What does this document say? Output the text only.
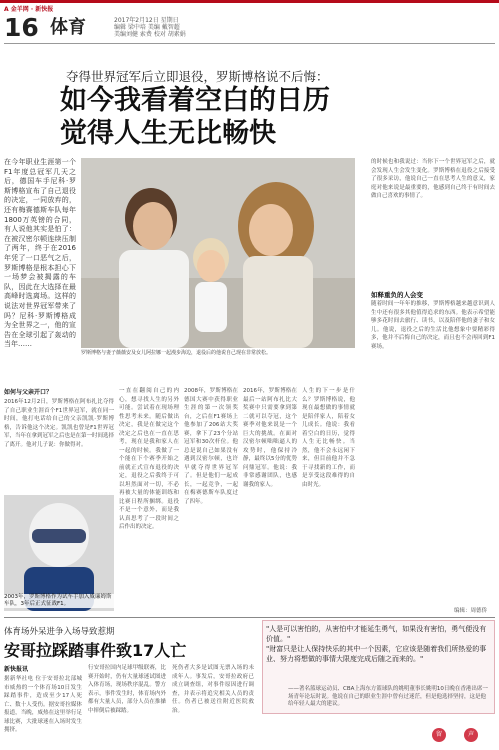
A 金羊网 · 新快报
16 体育	2017年2月12日 星期日
编辑 梁中培 美编 戴智超
美编刘健 索费 校对 胡素娟
夺得世界冠军后立即退役，罗斯博格说不后悔：
如今我看着空白的日历
觉得人生无比畅快
在今年职业生涯第一个F1年度总冠军几天之后，德国车手尼科·罗斯博格宣布了自己退役的决定，一同放弃的，还有梅赛德斯车队每年1800万英镑的合同，有人说他其实是怕了：在被汉密尔顿连续压制了两年，终于在2016年凭了一口恶气之后，罗斯博格是根本担心下一场梦会被揭露的车队，因此在大选择在最高峰时选离场。这样的说法对世界冠军带来了吗？尼科·罗斯博格成为全世界之一，他的宣告在全球引起了轰动的当年……
罗斯博格与妻子薇薇安及女儿阿拉娜一起漫步海边，退役后的他说自己现在非常放松。
如何与父亲开口？
2016年12月2日，罗斯博格在阿布扎比夺得了自己职业生涯首个F1世界冠军，就在同一时间，他打电话给自己的父亲凯凯·罗斯博格，告诉他这个决定。凯凯也曾是F1世界冠军，当年在拿到冠军之后也是在第一时间选择了离开。他对儿子说：你做得对。
一直在翻阅自己的内心，想寻找人生的另外可能。尝试着在现场理性思考未来。随后做出决定，我是在做完这个决定之后也在一直在思考，现在是我和家人在一起的时候。我做了一个能在下个赛季开始之前就正式宣布退役的决定，退役之后我终于可以坦然面对一切，不必再被大量的体能训练和比赛日程所捆绑。退役不是一个意外，而是我认真思考了一段时间之后作出的决定。
2008年，罗斯博格在德国大赛中获得职业生涯的第一次领奖台，之后在F1赛场上他参加了206站大奖赛，拿下了23个分站冠军和30次杆位。他总是说自己如果没有遇到汉密尔顿，也许早就夺得世界冠军了。但是他们一起成长，一起竞争，一起在梅赛德斯车队度过了四年。
2016年，罗斯博格在最后一站阿布扎比大奖赛中只需要拿到第二就可以夺冠，这个赛季对他来说是一个巨大的挑战。在面对汉密尔顿咄咄逼人的攻势时，他保持冷静，最终以5分的优势问鼎冠军。他说：我非常感谢团队，也感谢我的家人。
人生的下一步是什么？罗斯博格说，他现在最想做的事情就是陪伴家人，陪着女儿成长。他说：我看着空白的日历，觉得人生无比畅快。当然，他不会永远闲下来，但目前他并不急于寻找新的工作，而是享受这段难得的自由时光。
的时候也和我说过：当你下一个世界冠军之后，就会发现人生会发生变化。罗斯博格在退役之后接受了很多采访，他说自己一直在思考人生的意义，家庭对他来说是最重要的，他感到自己终于有时间去做自己喜欢的事情了。
如释重负的人会变
随着时间一年年的推移，罗斯博格越来越意识到人生中还有很多其他值得追求的东西。他表示希望能够多花时间去旅行、读书，以及陪伴他的妻子和女儿。他说，退役之后的生活比他想象中要精彩得多，他并不后悔自己的决定，而且也不会再回到F1赛场。
编辑：周德侨
2003年，罗斯博格作为试车手加入威廉姆斯车队，3年后正式征战F1。
体育场外呆进争入场导致惹期
安哥拉踩踏事件致17人亡
新快报讯
据新华社电 位于安哥拉北部城市威热的一个体育场10日发生踩踏事件，造成至少17人死亡、数十人受伤。据安哥拉媒体报道，当晚，威热在这里举行足球比赛，大批球迷在入场时发生拥挤。
行安哥拉国内足球甲级联赛，比赛开始时，仍有大量球迷试图进入体育场，现场秩序混乱。警方表示，事件发生时，体育场内外都有大量人员，部分人员在推搡中摔倒后被踩踏。
死伤者大多是试图无票入场的未成年人。事发后，安哥拉政府已成立调查组，对事件原因进行调查，并表示将追究相关人员的责任。伤者已被送往附近医院救治。
"人是可以害怕的，从害怕中才能延生勇气，如果没有害怕，勇气便没有价值。"
"财富只是让人保持快乐的其中一个因素，它应该是随着我们所热爱的事业、努力将想做的事情大限度完成后随之而来的。"
——著名篮球运动员、CBA上海东方篮球队的姚明董事长姚明10日晚在香港出席一场青年论坛时说。他说在自己的职业生涯中曾有过迷茫，但是他选择坚持，这是他给年轻人最大的建议。
留	声
